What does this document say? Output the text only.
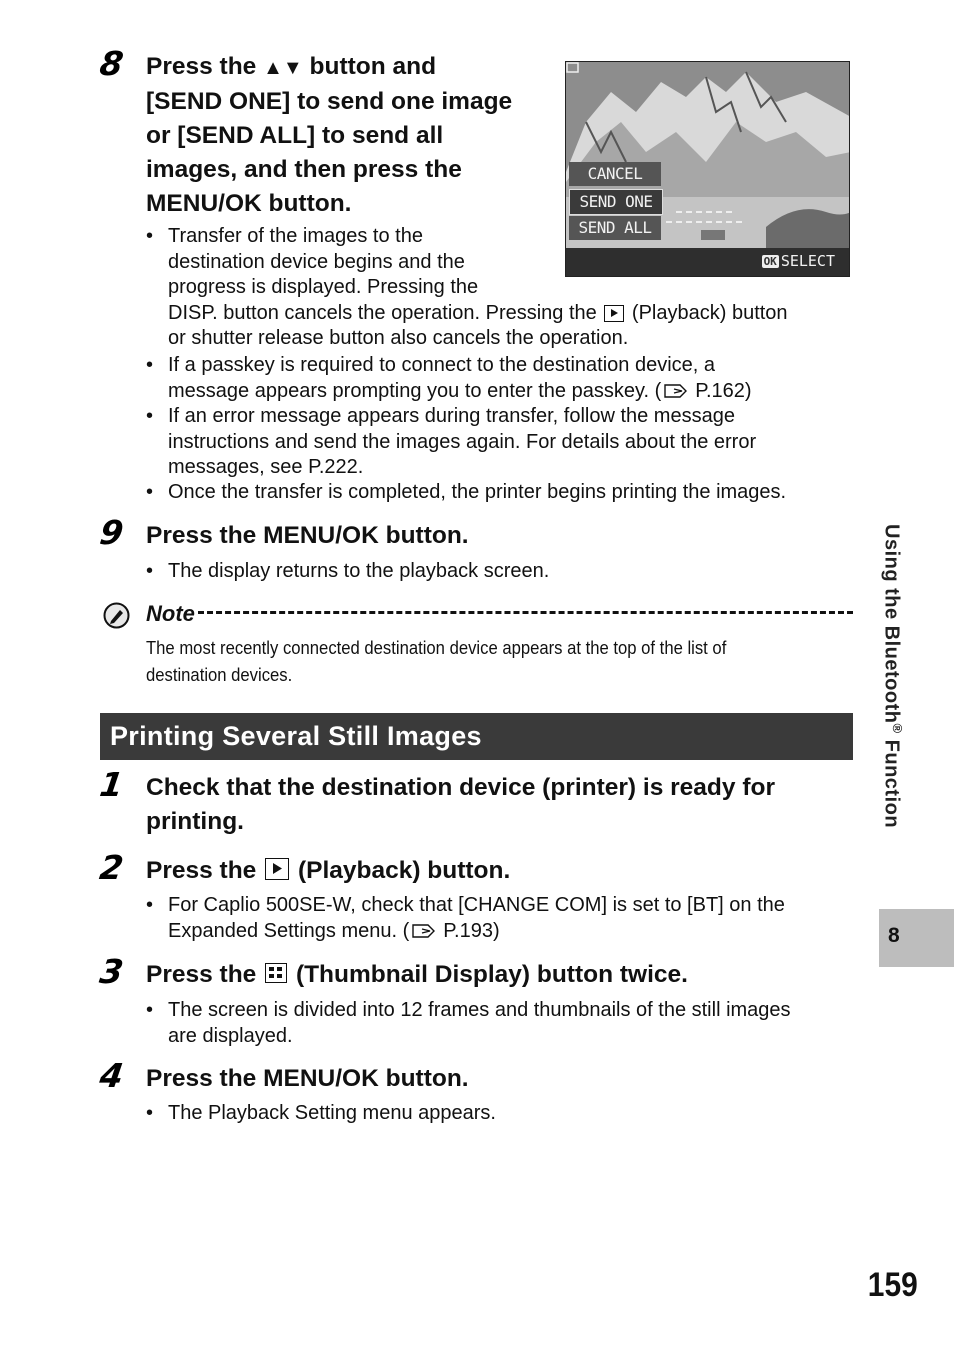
8 Press the ▲▼ button and
[SEND ONE] to send one image
or [SEND ALL] to send all
images, and then press the
MENU/OK button.
CANCEL
SEND ONE
SEND ALL
OK SELECT
• Transfer of the images to the
destination device begins and the
progress is displayed. Pressing the
DISP. button cancels the operation. Pressing the (Playback) button
or shutter release button also cancels the operation.
• If a passkey is required to connect to the destination device, a
message appears prompting you to enter the passkey. ( P.162)
• If an error message appears during transfer, follow the message
instructions and send the images again. For details about the error
messages, see P.222.
• Once the transfer is completed, the printer begins printing the images.
9 Press the MENU/OK button.
• The display returns to the playback screen.
Note
The most recently connected destination device appears at the top of the list of
destination devices.
Printing Several Still Images
1 Check that the destination device (printer) is ready for
printing.
2 Press the (Playback) button.
• For Caplio 500SE-W, check that [CHANGE COM] is set to [BT] on the
Expanded Settings menu. ( P.193)
3 Press the (Thumbnail Display) button twice.
• The screen is divided into 12 frames and thumbnails of the still images
are displayed.
4 Press the MENU/OK button.
• The Playback Setting menu appears.
Using the Bluetooth® Function
8
159
